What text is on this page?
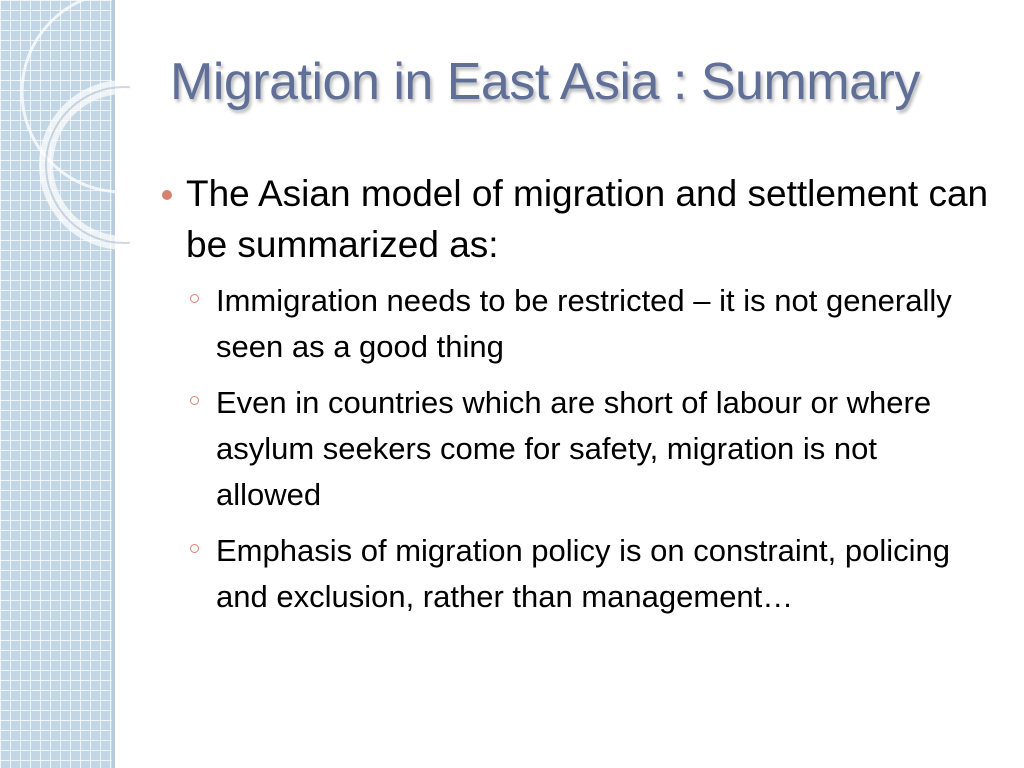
Migration in East Asia : Summary
The Asian model of migration and settlement can be summarized as:
Immigration needs to be restricted – it is not generally seen as a good thing
Even in countries which are short of labour or where asylum seekers come for safety, migration is not allowed
Emphasis of migration policy is on constraint, policing and exclusion, rather than management…
